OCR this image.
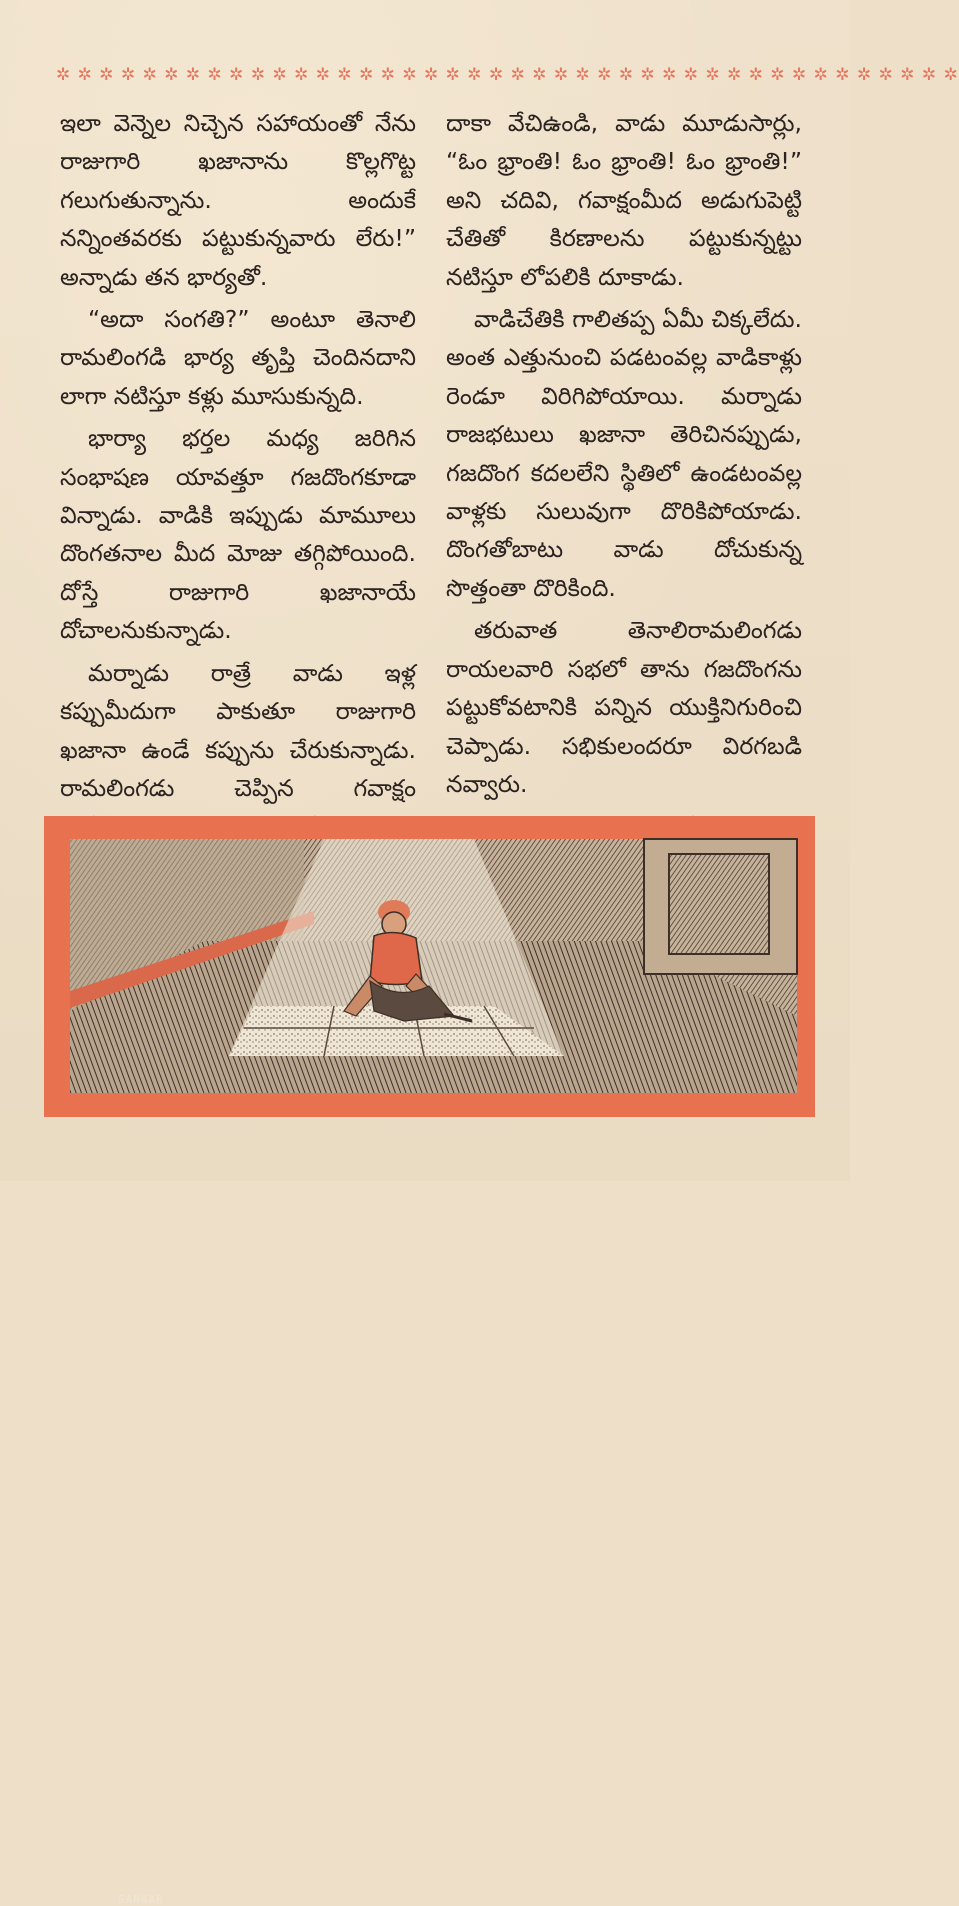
✲ ✲ ✲ ✲ ✲ ✲ ✲ ✲ ✲ ✲ ✲ ✲ ✲ ✲ ✲ ✲ ✲ ✲ ✲ ✲ ✲ ✲ ✲ ✲ ✲ ✲ ✲ ✲ ✲ ✲ ✲ ✲ ✲ ✲ ✲ ✲ ✲ ✲ ✲ ✲ ✲ ✲

ఇలా వెన్నెల నిచ్చెన సహాయంతో నేను రాజుగారి ఖజానాను కొల్లగొట్ట గలుగుతున్నాను. అందుకే నన్నింతవరకు పట్టుకున్నవారు లేరు!” అన్నాడు తన భార్యతో.

“అదా సంగతి?” అంటూ తెనాలి రామలింగడి భార్య తృప్తి చెందినదాని లాగా నటిస్తూ కళ్లు మూసుకున్నది.

భార్యా భర్తల మధ్య జరిగిన సంభాషణ యావత్తూ గజదొంగకూడా విన్నాడు. వాడికి ఇప్పుడు మామూలు దొంగతనాల మీద మోజు తగ్గిపోయింది. దోస్తే రాజుగారి ఖజానాయే దోచాలనుకున్నాడు.

మర్నాడు రాత్రే వాడు ఇళ్ల కప్పుమీదుగా పాకుతూ రాజుగారి ఖజానా ఉండే కప్పును చేరుకున్నాడు. రామలింగడు చెప్పిన గవాక్షం

దాకా వేచిఉండి, వాడు మూడుసార్లు, “ఓం భ్రాంతి! ఓం భ్రాంతి! ఓం భ్రాంతి!” అని చదివి, గవాక్షంమీద అడుగుపెట్టి చేతితో కిరణాలను పట్టుకున్నట్టు నటిస్తూ లోపలికి దూకాడు.

వాడిచేతికి గాలితప్ప ఏమీ చిక్కలేదు. అంత ఎత్తునుంచి పడటంవల్ల వాడికాళ్లు రెండూ విరిగిపోయాయి. మర్నాడు రాజభటులు ఖజానా తెరిచినప్పుడు, గజదొంగ కదలలేని స్థితిలో ఉండటంవల్ల వాళ్లకు సులువుగా దొరికిపోయాడు. దొంగతోబాటు వాడు దోచుకున్న సొత్తంతా దొరికింది.

తరువాత తెనాలిరామలింగడు రాయలవారి సభలో తాను గజదొంగను పట్టుకోవటానికి పన్నిన యుక్తినిగురించి చెప్పాడు. సభికులందరూ విరగబడి నవ్వారు.

SANKAR
